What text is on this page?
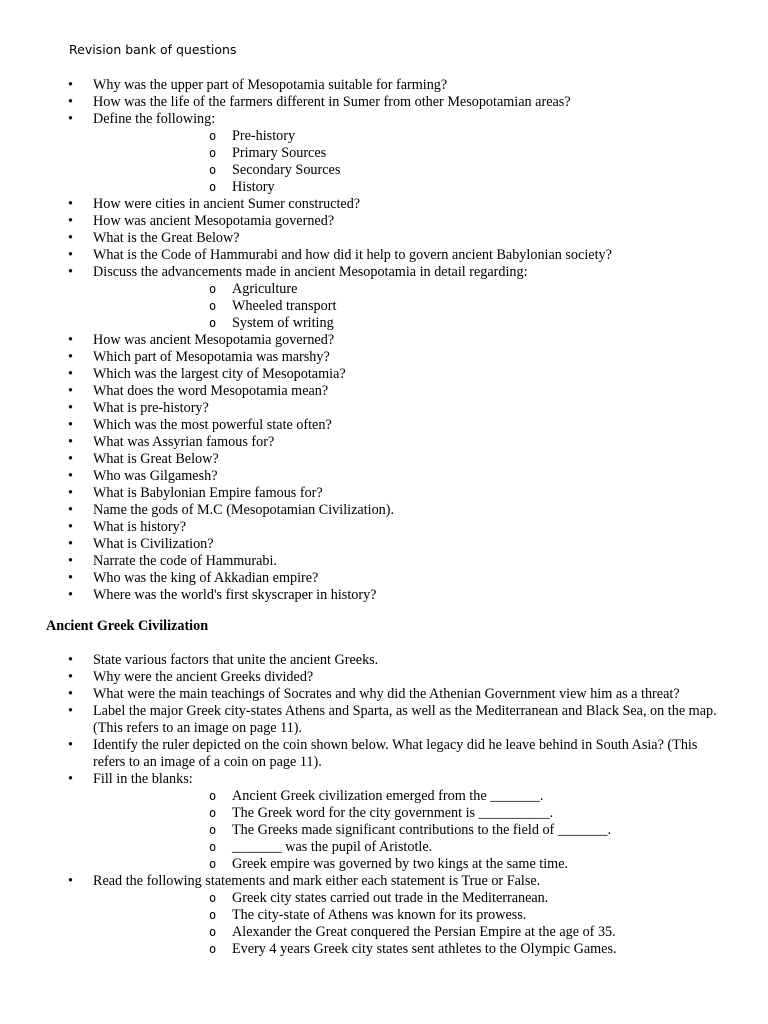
Revision bank of questions
• Why was the upper part of Mesopotamia suitable for farming?
• How was the life of the farmers different in Sumer from other Mesopotamian areas?
• Define the following:
o Pre-history
o Primary Sources
o Secondary Sources
o History
• How were cities in ancient Sumer constructed?
• How was ancient Mesopotamia governed?
• What is the Great Below?
• What is the Code of Hammurabi and how did it help to govern ancient Babylonian society?
• Discuss the advancements made in ancient Mesopotamia in detail regarding:
o Agriculture
o Wheeled transport
o System of writing
• How was ancient Mesopotamia governed?
• Which part of Mesopotamia was marshy?
• Which was the largest city of Mesopotamia?
• What does the word Mesopotamia mean?
• What is pre-history?
• Which was the most powerful state often?
• What was Assyrian famous for?
• What is Great Below?
• Who was Gilgamesh?
• What is Babylonian Empire famous for?
• Name the gods of M.C (Mesopotamian Civilization).
• What is history?
• What is Civilization?
• Narrate the code of Hammurabi.
• Who was the king of Akkadian empire?
• Where was the world's first skyscraper in history?
Ancient Greek Civilization
• State various factors that unite the ancient Greeks.
• Why were the ancient Greeks divided?
• What were the main teachings of Socrates and why did the Athenian Government view him as a threat?
• Label the major Greek city-states Athens and Sparta, as well as the Mediterranean and Black Sea, on the map. (This refers to an image on page 11).
• Identify the ruler depicted on the coin shown below. What legacy did he leave behind in South Asia? (This refers to an image of a coin on page 11).
• Fill in the blanks:
o Ancient Greek civilization emerged from the _______.
o The Greek word for the city government is __________.
o The Greeks made significant contributions to the field of _______.
o _______ was the pupil of Aristotle.
o Greek empire was governed by two kings at the same time.
• Read the following statements and mark either each statement is True or False.
o Greek city states carried out trade in the Mediterranean.
o The city-state of Athens was known for its prowess.
o Alexander the Great conquered the Persian Empire at the age of 35.
o Every 4 years Greek city states sent athletes to the Olympic Games.
